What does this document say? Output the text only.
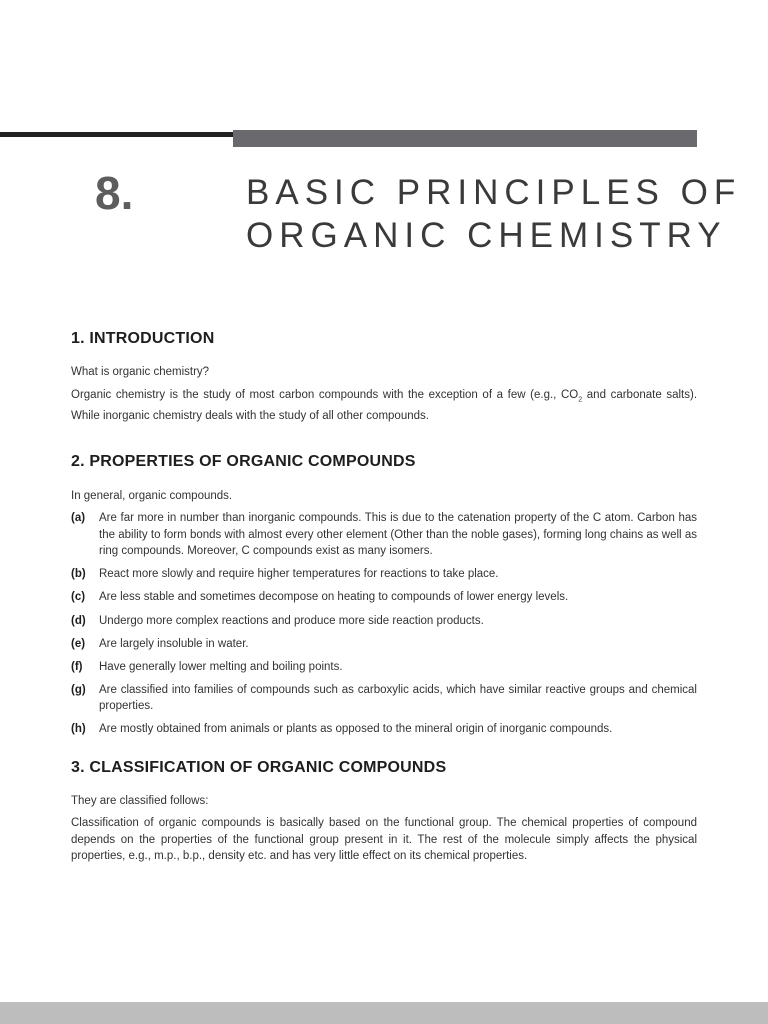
8.	BASIC PRINCIPLES OF
ORGANIC CHEMISTRY
1. INTRODUCTION

What is organic chemistry?

Organic chemistry is the study of most carbon compounds with the exception of a few (e.g., $CO_2$ and carbonate salts). While inorganic chemistry deals with the study of all other compounds.

2. PROPERTIES OF ORGANIC COMPOUNDS

In general, organic compounds.

(a)	Are far more in number than inorganic compounds. This is due to the catenation property of the C atom. Carbon has the ability to form bonds with almost every other element (Other than the noble gases), forming long chains as well as ring compounds. Moreover, C compounds exist as many isomers.
(b)	React more slowly and require higher temperatures for reactions to take place.
(c)	Are less stable and sometimes decompose on heating to compounds of lower energy levels.
(d)	Undergo more complex reactions and produce more side reaction products.
(e)	Are largely insoluble in water.
(f)	Have generally lower melting and boiling points.
(g)	Are classified into families of compounds such as carboxylic acids, which have similar reactive groups and chemical properties.
(h)	Are mostly obtained from animals or plants as opposed to the mineral origin of inorganic compounds.
3. CLASSIFICATION OF ORGANIC COMPOUNDS

They are classified follows:

Classification of organic compounds is basically based on the functional group. The chemical properties of compound depends on the properties of the functional group present in it. The rest of the molecule simply affects the physical properties, e.g., m.p., b.p., density etc. and has very little effect on its chemical properties.
